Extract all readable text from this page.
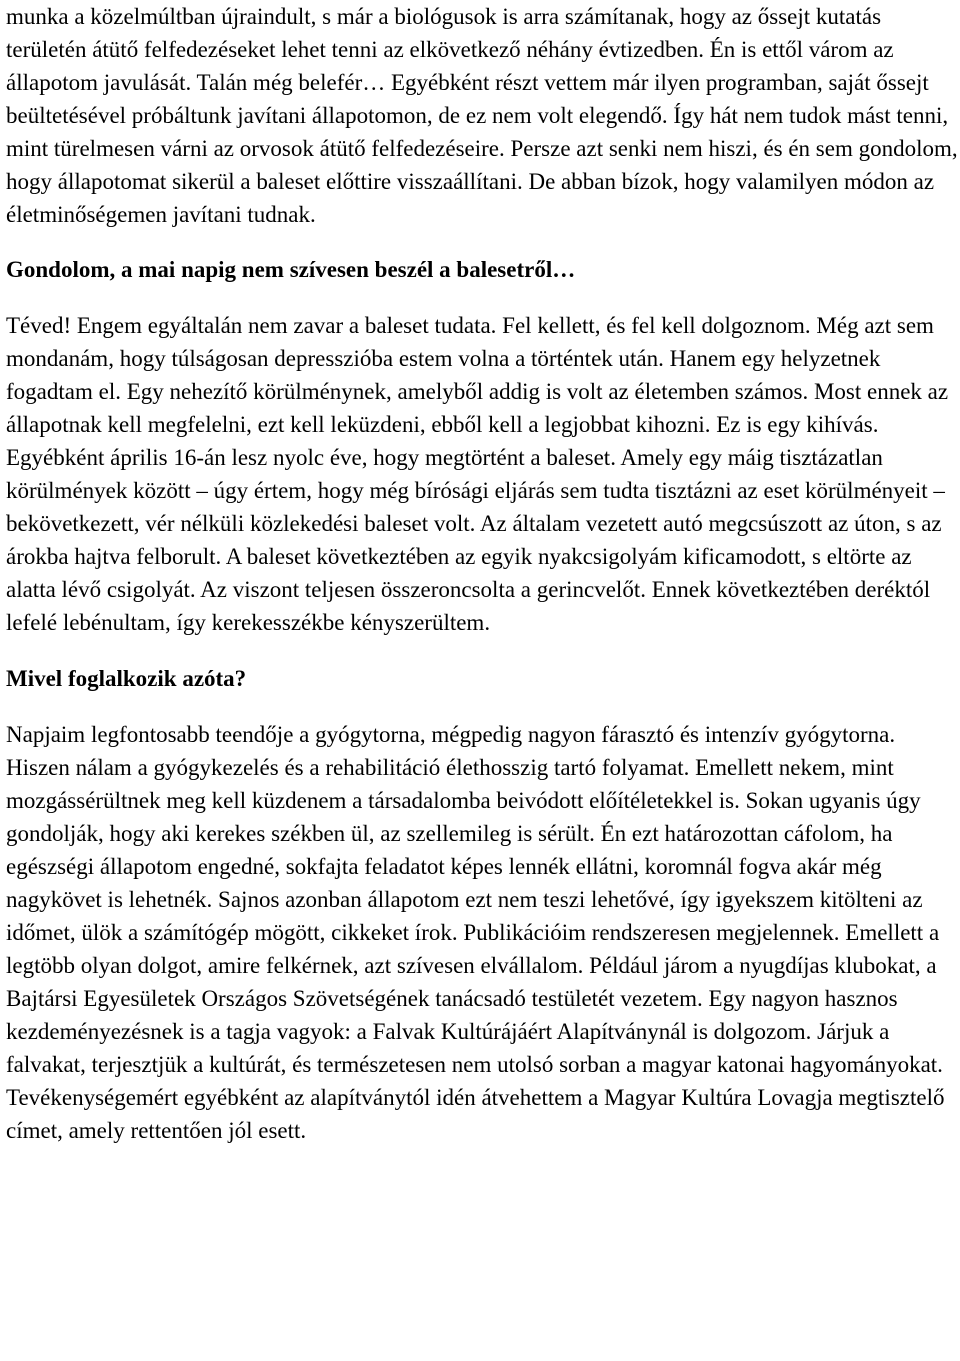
munka a közelmúltban újraindult, s már a biológusok is arra számítanak, hogy az őssejt kutatás területén átütő felfedezéseket lehet tenni az elkövetkező néhány évtizedben. Én is ettől várom az állapotom javulását. Talán még belefér… Egyébként részt vettem már ilyen programban, saját őssejt beültetésével próbáltunk javítani állapotomon, de ez nem volt elegendő. Így hát nem tudok mást tenni, mint türelmesen várni az orvosok átütő felfedezéseire. Persze azt senki nem hiszi, és én sem gondolom, hogy állapotomat sikerül a baleset előttire visszaállítani. De abban bízok, hogy valamilyen módon az életminőségemen javítani tudnak.

Gondolom, a mai napig nem szívesen beszél a balesetről…

Téved! Engem egyáltalán nem zavar a baleset tudata. Fel kellett, és fel kell dolgoznom. Még azt sem mondanám, hogy túlságosan depresszióba estem volna a történtek után. Hanem egy helyzetnek fogadtam el. Egy nehezítő körülménynek, amelyből addig is volt az életemben számos. Most ennek az állapotnak kell megfelelni, ezt kell leküzdeni, ebből kell a legjobbat kihozni. Ez is egy kihívás. Egyébként április 16-án lesz nyolc éve, hogy megtörtént a baleset. Amely egy máig tisztázatlan körülmények között – úgy értem, hogy még bírósági eljárás sem tudta tisztázni az eset körülményeit – bekövetkezett, vér nélküli közlekedési baleset volt. Az általam vezetett autó megcsúszott az úton, s az árokba hajtva felborult. A baleset következtében az egyik nyakcsigolyám kificamodott, s eltörte az alatta lévő csigolyát. Az viszont teljesen összeroncsolta a gerincvelőt. Ennek következtében deréktól lefelé lebénultam, így kerekesszékbe kényszerültem.

Mivel foglalkozik azóta?

Napjaim legfontosabb teendője a gyógytorna, mégpedig nagyon fárasztó és intenzív gyógytorna. Hiszen nálam a gyógykezelés és a rehabilitáció élethosszig tartó folyamat. Emellett nekem, mint mozgássérültnek meg kell küzdenem a társadalomba beivódott előítéletekkel is. Sokan ugyanis úgy gondolják, hogy aki kerekes székben ül, az szellemileg is sérült. Én ezt határozottan cáfolom, ha egészségi állapotom engedné, sokfajta feladatot képes lennék ellátni, koromnál fogva akár még nagykövet is lehetnék. Sajnos azonban állapotom ezt nem teszi lehetővé, így igyekszem kitölteni az időmet, ülök a számítógép mögött, cikkeket írok. Publikációim rendszeresen megjelennek. Emellett a legtöbb olyan dolgot, amire felkérnek, azt szívesen elvállalom. Például járom a nyugdíjas klubokat, a Bajtársi Egyesületek Országos Szövetségének tanácsadó testületét vezetem. Egy nagyon hasznos kezdeményezésnek is a tagja vagyok: a Falvak Kultúrájáért Alapítványnál is dolgozom. Járjuk a falvakat, terjesztjük a kultúrát, és természetesen nem utolsó sorban a magyar katonai hagyományokat.

Tevékenységemért egyébként az alapítványtól idén átvehettem a Magyar Kultúra Lovagja megtisztelő címet, amely rettentően jól esett.
